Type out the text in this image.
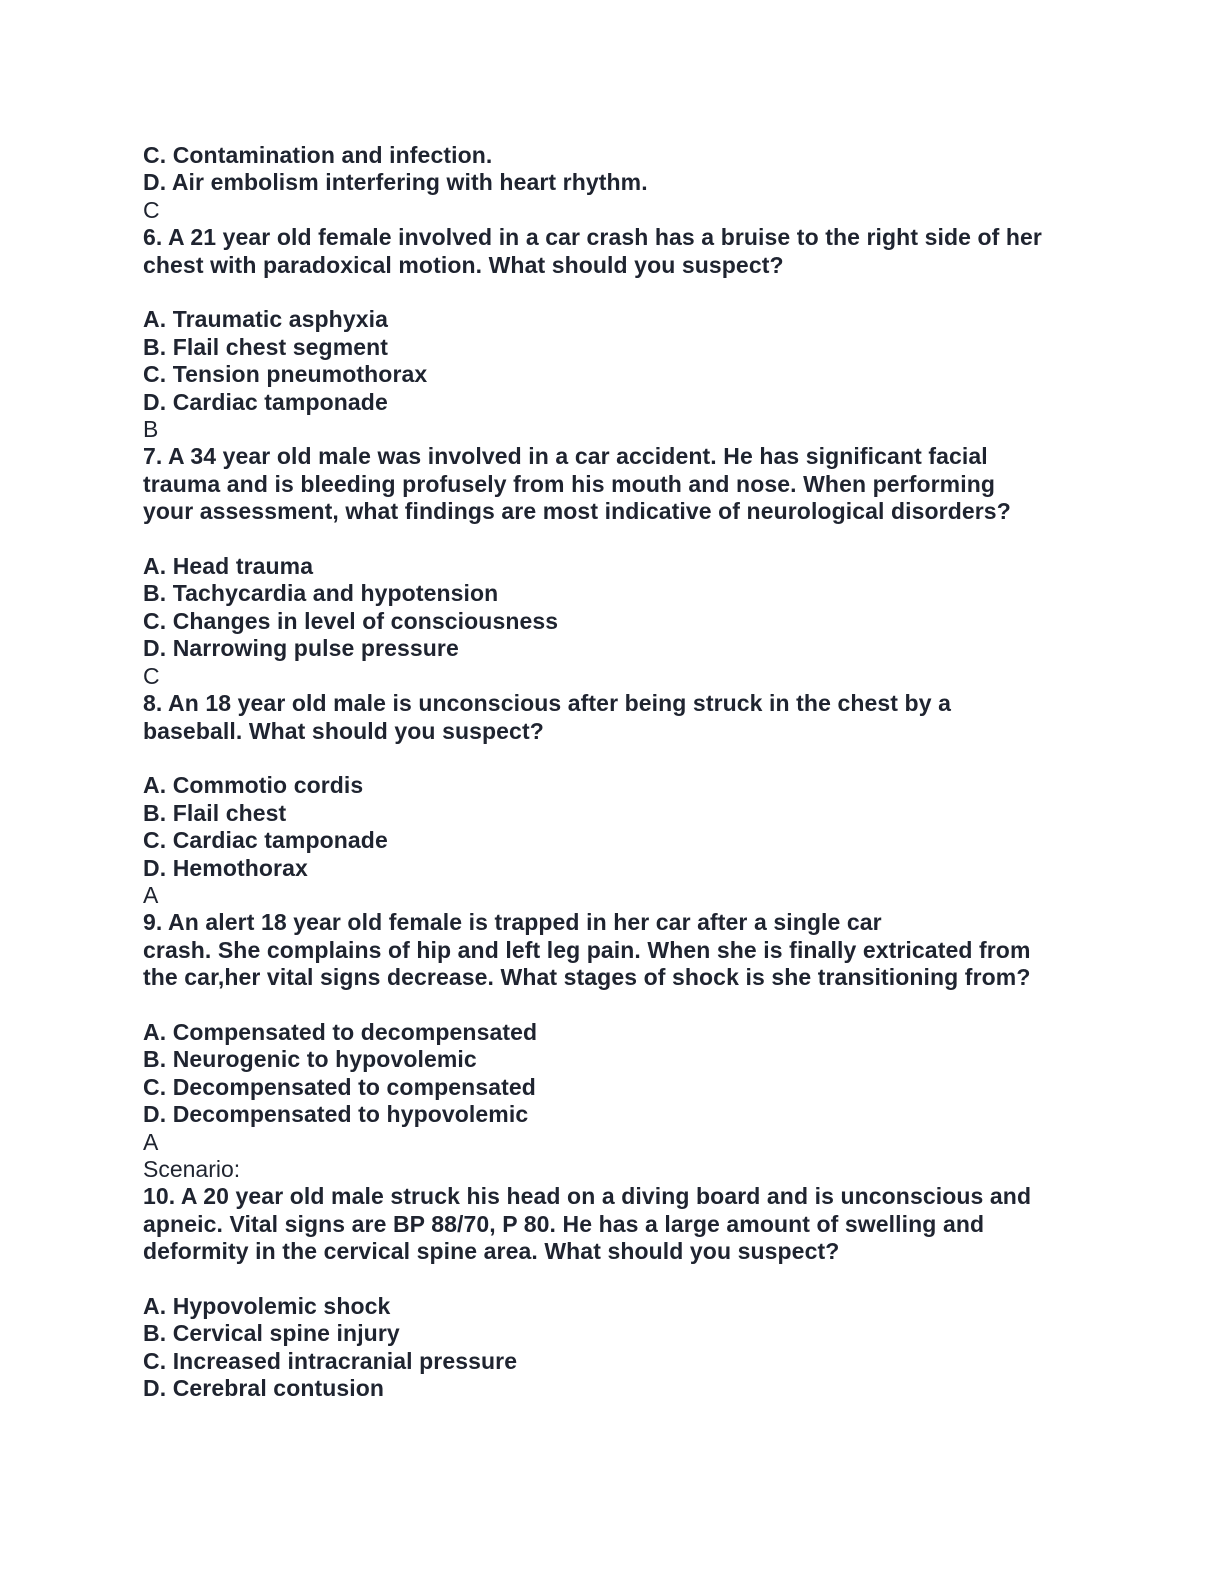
C. Contamination and infection.
D. Air embolism interfering with heart rhythm.
C
6. A 21 year old female involved in a car crash has a bruise to the right side of her
chest with paradoxical motion. What should you suspect?
A. Traumatic asphyxia
B. Flail chest segment
C. Tension pneumothorax
D. Cardiac tamponade
B
7. A 34 year old male was involved in a car accident. He has significant facial
trauma and is bleeding profusely from his mouth and nose. When performing
your assessment, what findings are most indicative of neurological disorders?
A. Head trauma
B. Tachycardia and hypotension
C. Changes in level of consciousness
D. Narrowing pulse pressure
C
8. An 18 year old male is unconscious after being struck in the chest by a
baseball. What should you suspect?
A. Commotio cordis
B. Flail chest
C. Cardiac tamponade
D. Hemothorax
A
9. An alert 18 year old female is trapped in her car after a single car
crash. She complains of hip and left leg pain. When she is finally extricated from
the car,her vital signs decrease. What stages of shock is she transitioning from?
A. Compensated to decompensated
B. Neurogenic to hypovolemic
C. Decompensated to compensated
D. Decompensated to hypovolemic
A
Scenario:
10. A 20 year old male struck his head on a diving board and is unconscious and
apneic. Vital signs are BP 88/70, P 80. He has a large amount of swelling and
deformity in the cervical spine area. What should you suspect?
A. Hypovolemic shock
B. Cervical spine injury
C. Increased intracranial pressure
D. Cerebral contusion
